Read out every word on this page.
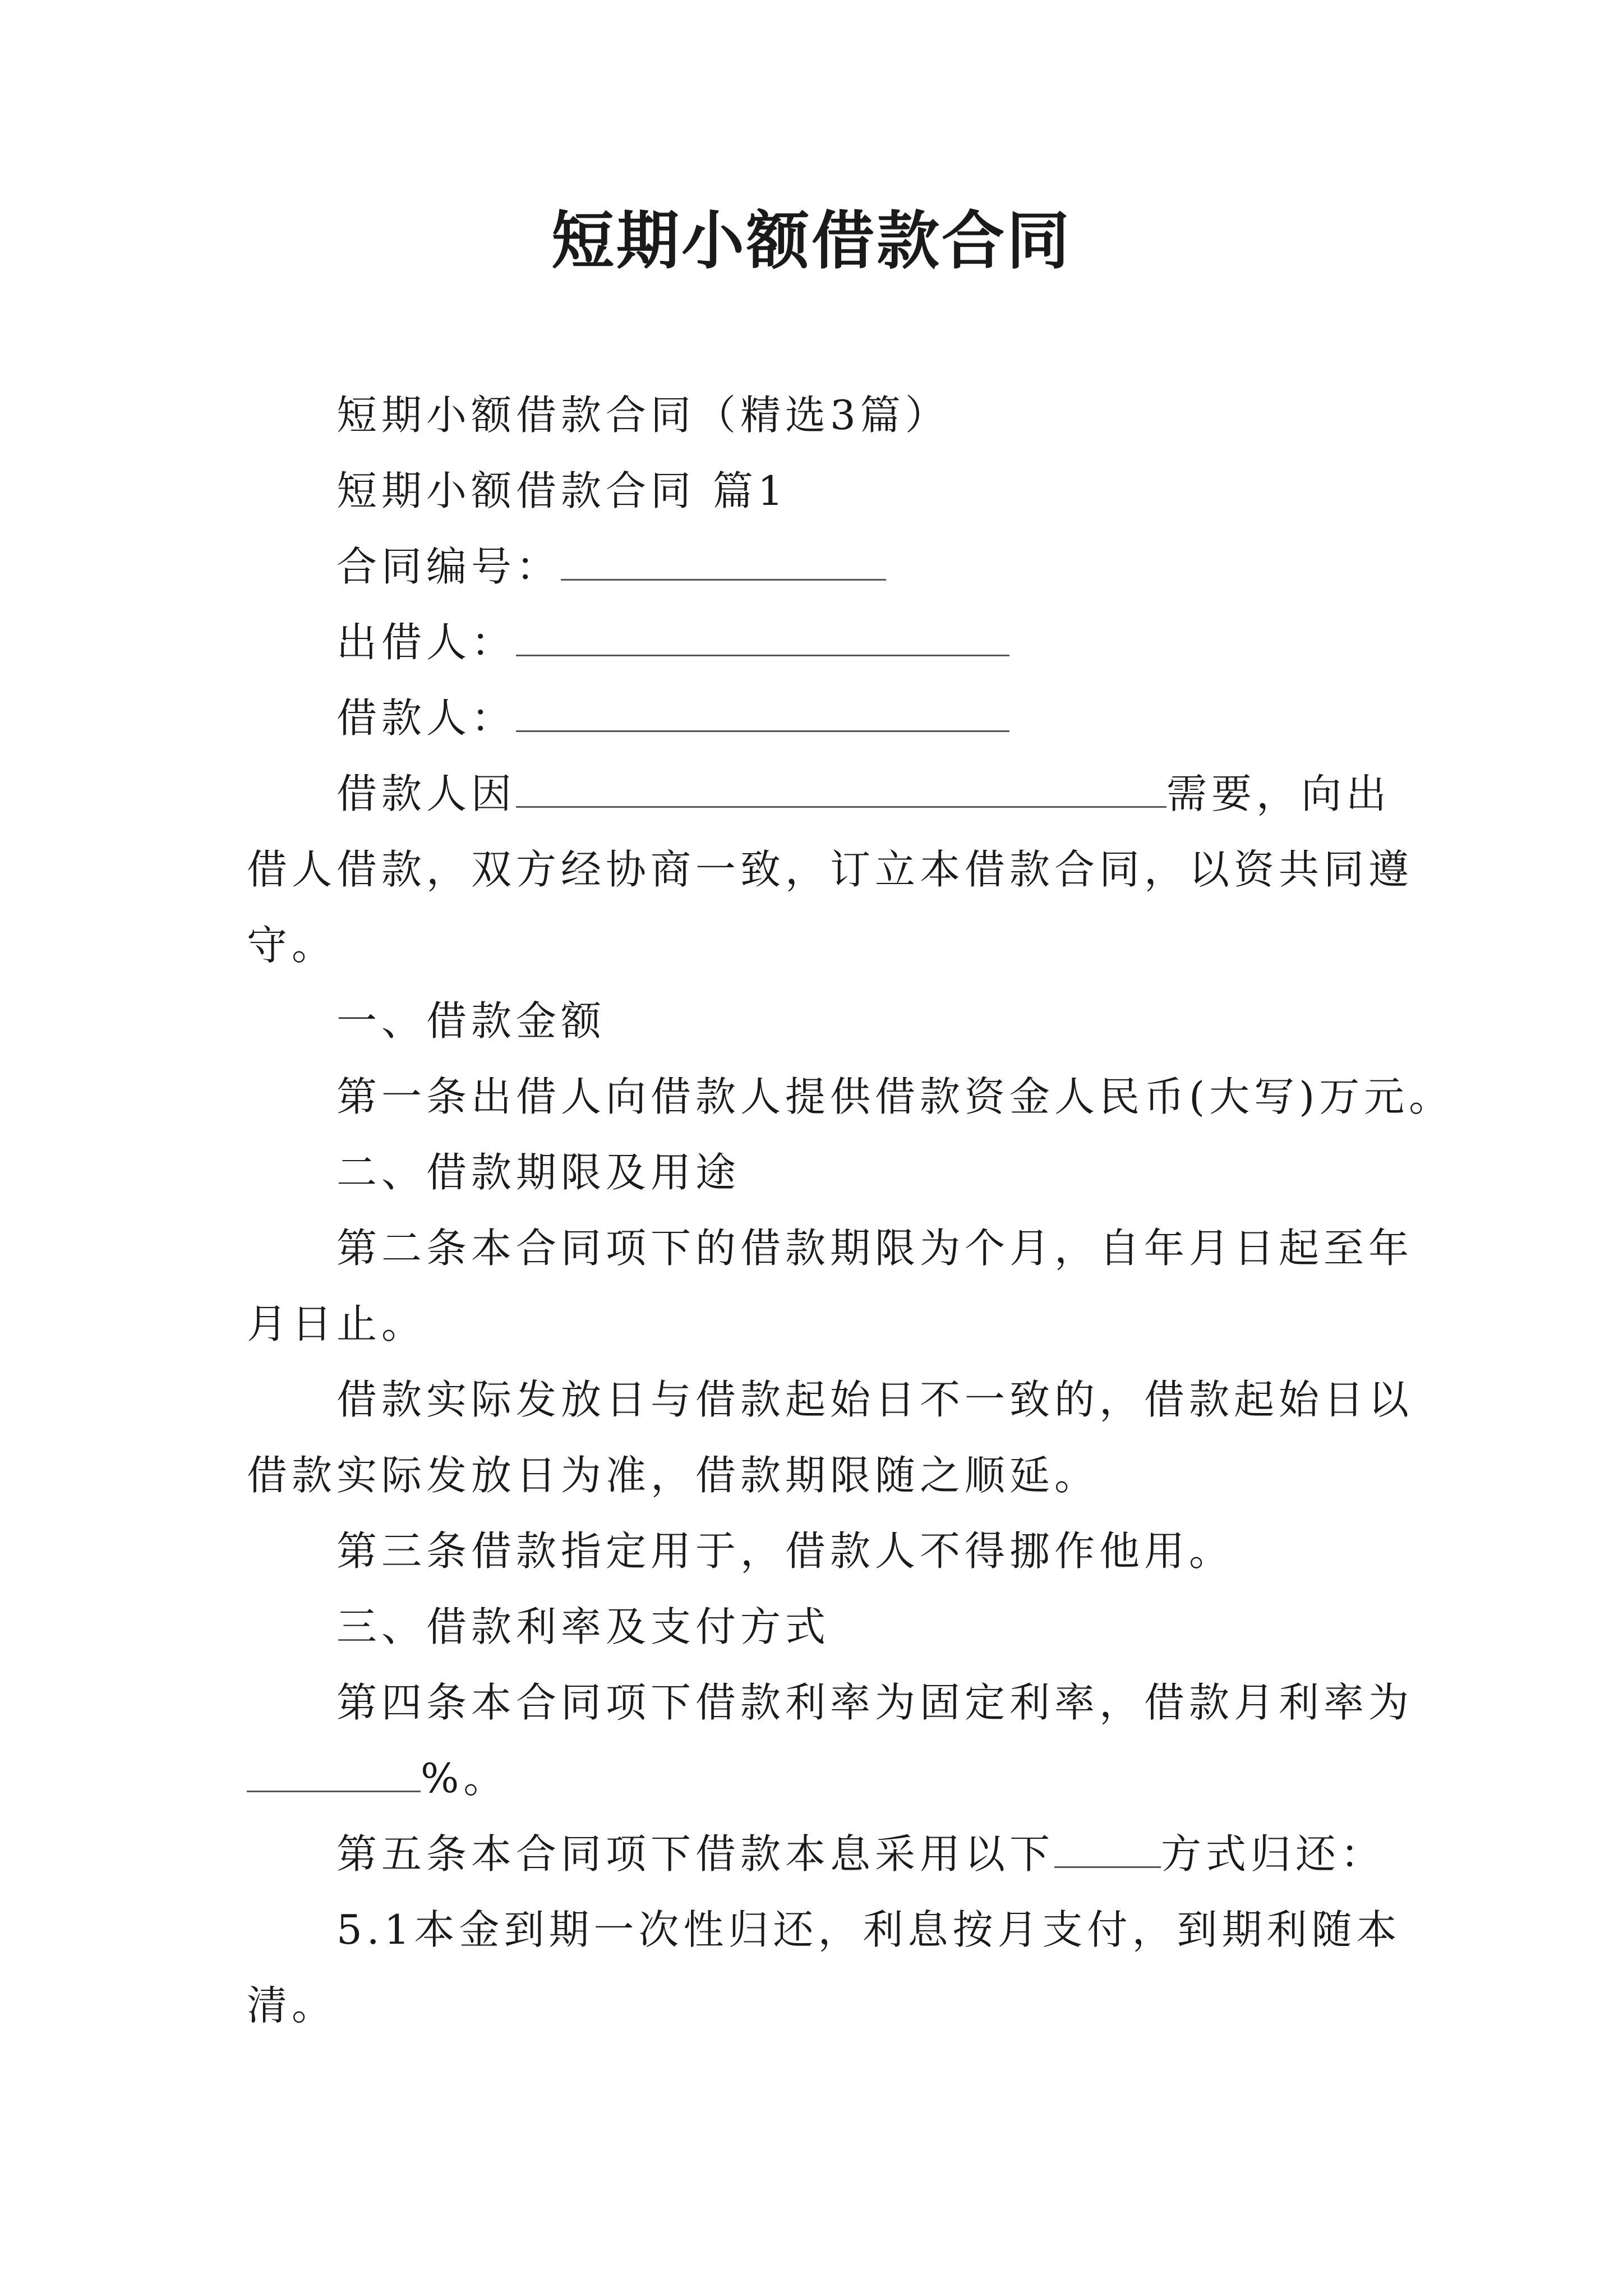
短期小额借款合同
短期小额借款合同（精选3篇）
短期小额借款合同 篇1
合同编号：
出借人：
借款人：
借款人因	需要，向出
借人借款，双方经协商一致，订立本借款合同，以资共同遵
守。
一、借款金额
第一条出借人向借款人提供借款资金人民币(大写)万元。
二、借款期限及用途
第二条本合同项下的借款期限为个月，自年月日起至年
月日止。
借款实际发放日与借款起始日不一致的，借款起始日以
借款实际发放日为准，借款期限随之顺延。
第三条借款指定用于，借款人不得挪作他用。
三、借款利率及支付方式
第四条本合同项下借款利率为固定利率，借款月利率为
%。
第五条本合同项下借款本息采用以下	方式归还：
5.1本金到期一次性归还，利息按月支付，到期利随本
清。
